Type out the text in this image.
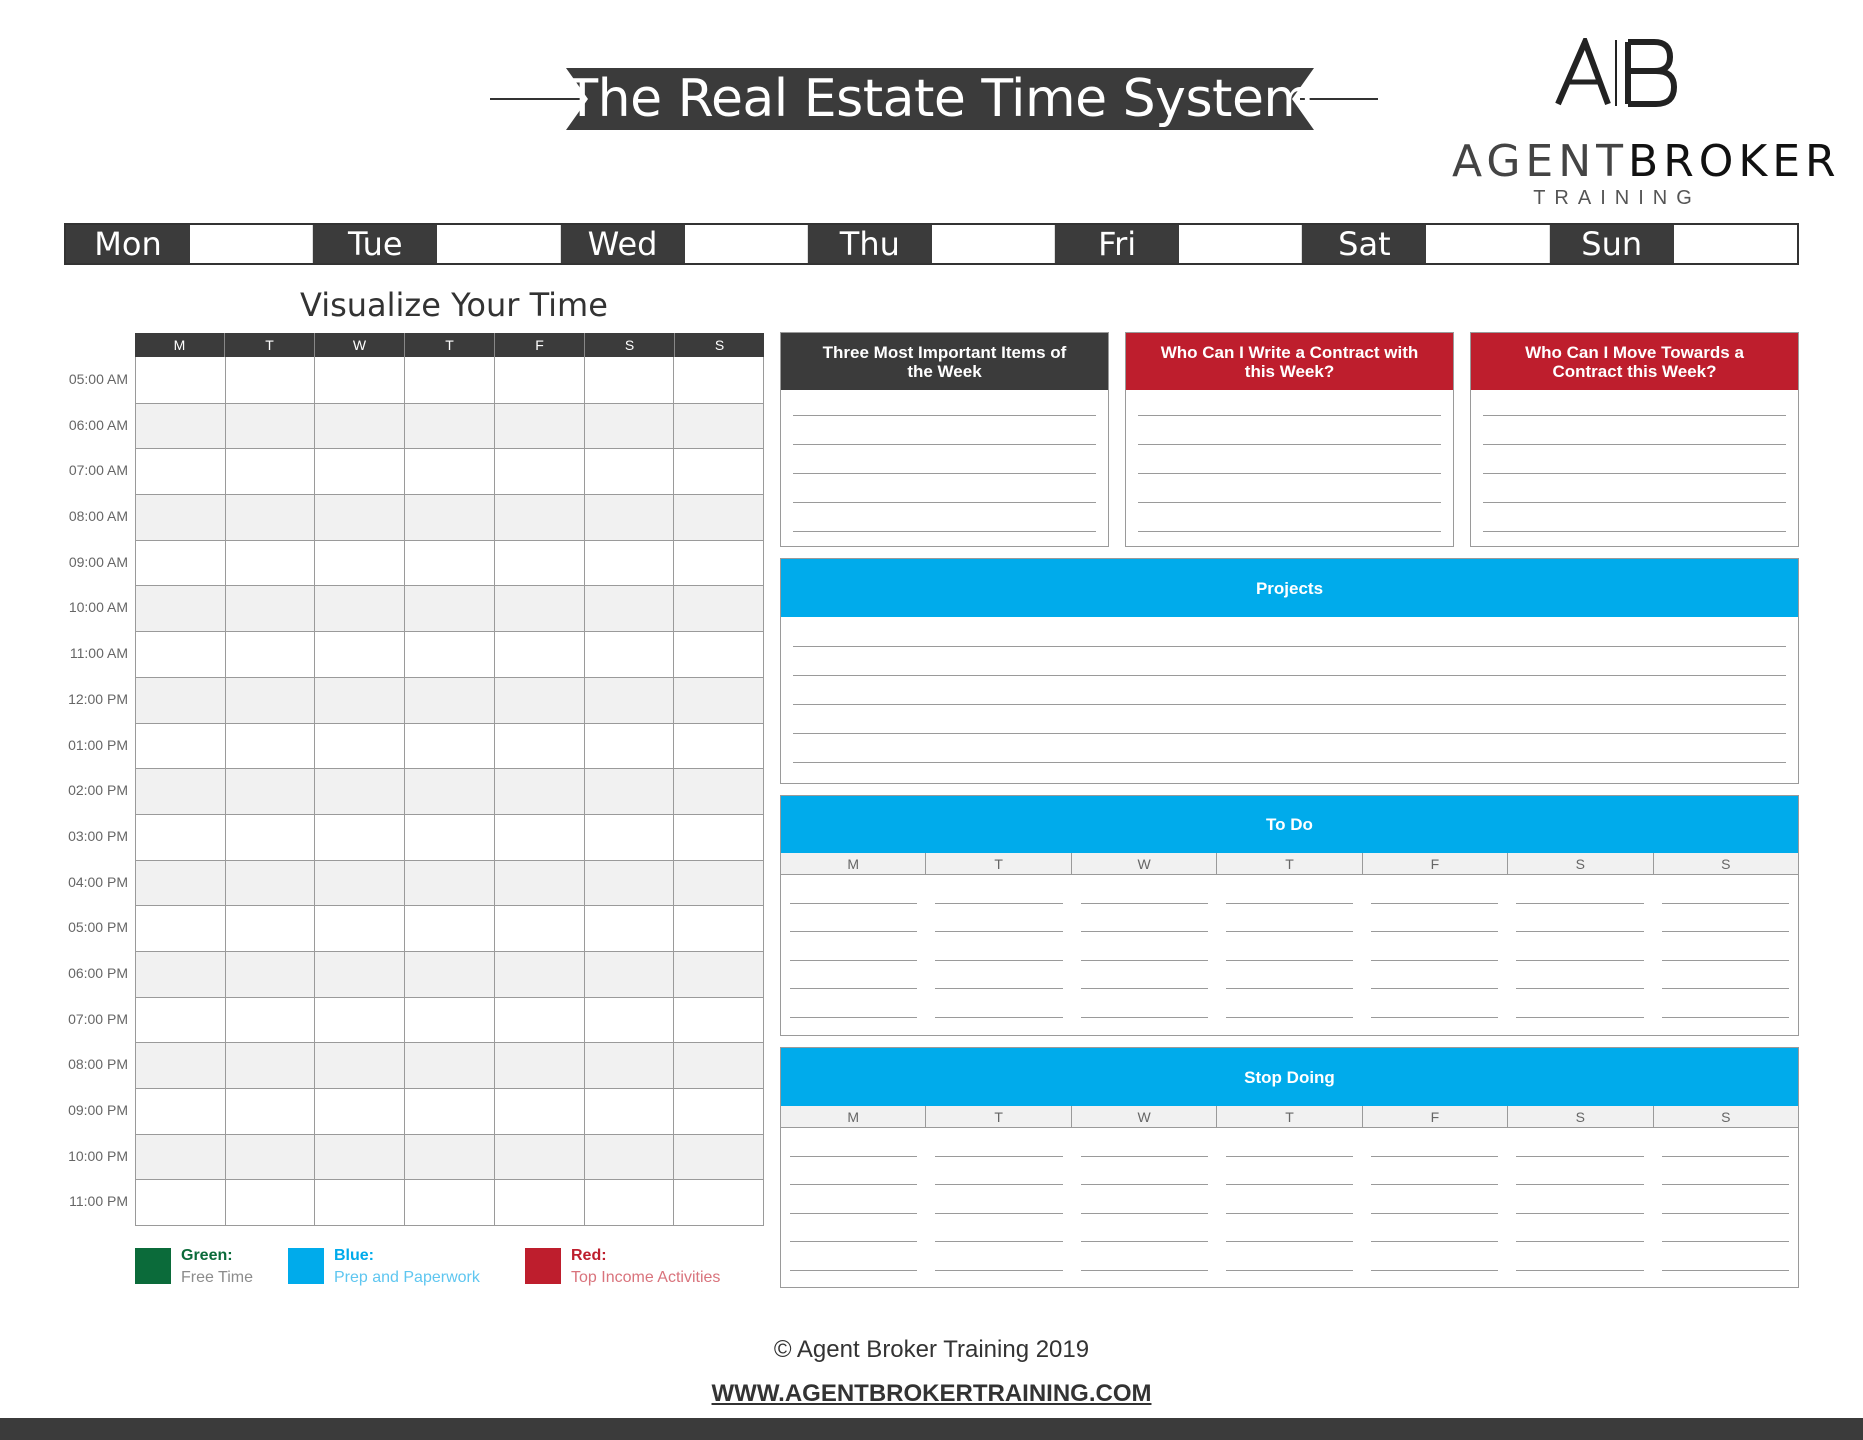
The Real Estate Time System
AGENTBROKER
TRAINING
Mon	Tue	Wed	Thu	Fri	Sat	Sun
Visualize Your Time
M	T	W	T	F	S	S
05:00 AM
06:00 AM
07:00 AM
08:00 AM
09:00 AM
10:00 AM
11:00 AM
12:00 PM
01:00 PM
02:00 PM
03:00 PM
04:00 PM
05:00 PM
06:00 PM
07:00 PM
08:00 PM
09:00 PM
10:00 PM
11:00 PM
Green:
Free Time
Blue:
Prep and Paperwork
Red:
Top Income Activities
Three Most Important Items of the Week
Who Can I Write a Contract with this Week?
Who Can I Move Towards a Contract this Week?
Projects
To Do
M	T	W	T	F	S	S
Stop Doing
M	T	W	T	F	S	S
© Agent Broker Training 2019
WWW.AGENTBROKERTRAINING.COM
